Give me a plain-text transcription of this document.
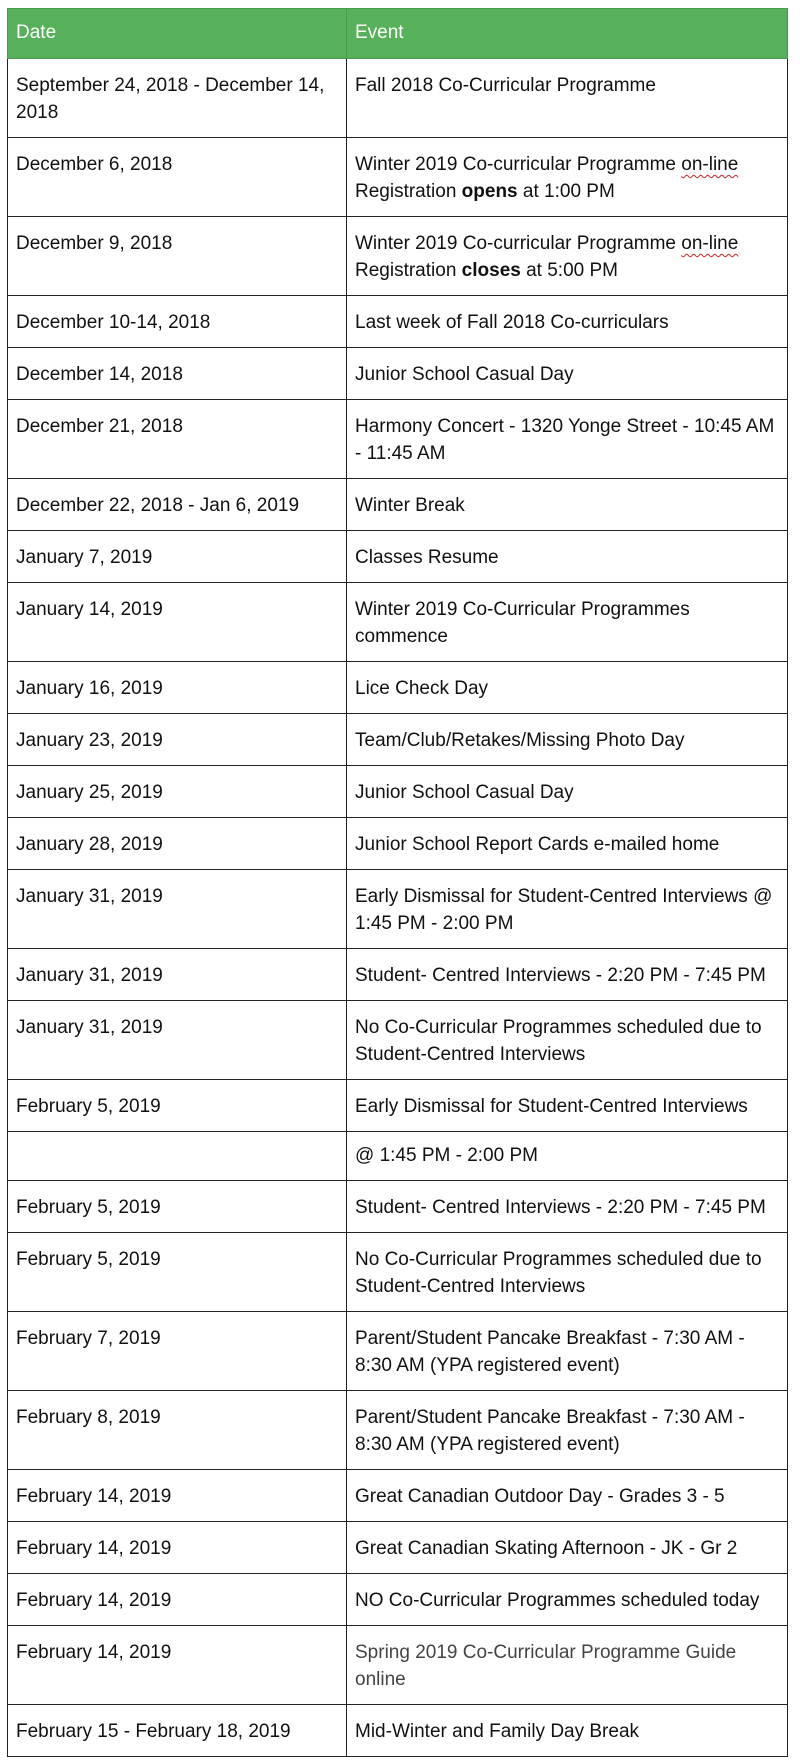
Date	Event
September 24, 2018 - December 14, 2018	Fall 2018 Co-Curricular Programme
December 6, 2018	Winter 2019 Co-curricular Programme on-line Registration opens at 1:00 PM
December 9, 2018	Winter 2019 Co-curricular Programme on-line Registration closes at 5:00 PM
December 10-14, 2018	Last week of Fall 2018 Co-curriculars
December 14, 2018	Junior School Casual Day
December 21, 2018	Harmony Concert - 1320 Yonge Street - 10:45 AM - 11:45 AM
December 22, 2018 - Jan 6, 2019	Winter Break
January 7, 2019	Classes Resume
January 14, 2019	Winter 2019 Co-Curricular Programmes commence
January 16, 2019	Lice Check Day
January 23, 2019	Team/Club/Retakes/Missing Photo Day
January 25, 2019	Junior School Casual Day
January 28, 2019	Junior School Report Cards e-mailed home
January 31, 2019	Early Dismissal for Student-Centred Interviews @ 1:45 PM - 2:00 PM
January 31, 2019	Student- Centred Interviews - 2:20 PM - 7:45 PM
January 31, 2019	No Co-Curricular Programmes scheduled due to Student-Centred Interviews
February 5, 2019	Early Dismissal for Student-Centred Interviews
	@ 1:45 PM - 2:00 PM
February 5, 2019	Student- Centred Interviews - 2:20 PM - 7:45 PM
February 5, 2019	No Co-Curricular Programmes scheduled due to Student-Centred Interviews
February 7, 2019	Parent/Student Pancake Breakfast - 7:30 AM - 8:30 AM (YPA registered event)
February 8, 2019	Parent/Student Pancake Breakfast - 7:30 AM - 8:30 AM (YPA registered event)
February 14, 2019	Great Canadian Outdoor Day - Grades 3 - 5
February 14, 2019	Great Canadian Skating Afternoon - JK - Gr 2
February 14, 2019	NO Co-Curricular Programmes scheduled today
February 14, 2019	Spring 2019 Co-Curricular Programme Guide online
February 15 - February 18, 2019	Mid-Winter and Family Day Break
